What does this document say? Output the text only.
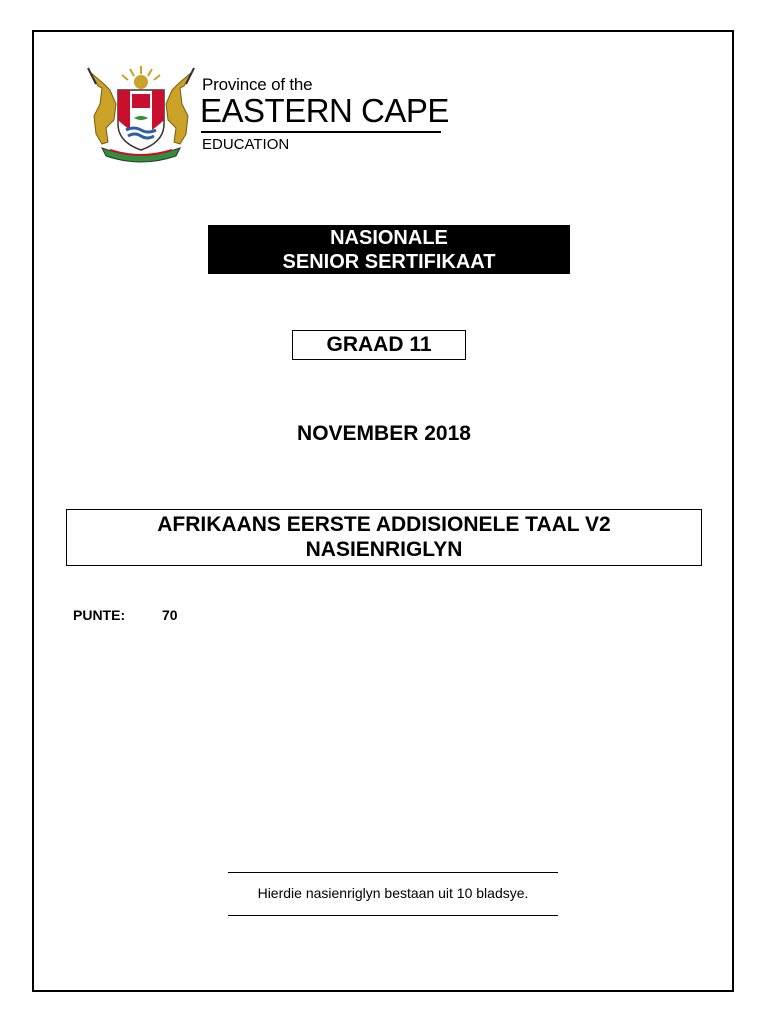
Province of the
EASTERN CAPE
EDUCATION
NASIONALE
SENIOR SERTIFIKAAT
GRAAD 11
NOVEMBER 2018
AFRIKAANS EERSTE ADDISIONELE TAAL V2
NASIENRIGLYN
PUNTE:	70
Hierdie nasienriglyn bestaan uit 10 bladsye.
